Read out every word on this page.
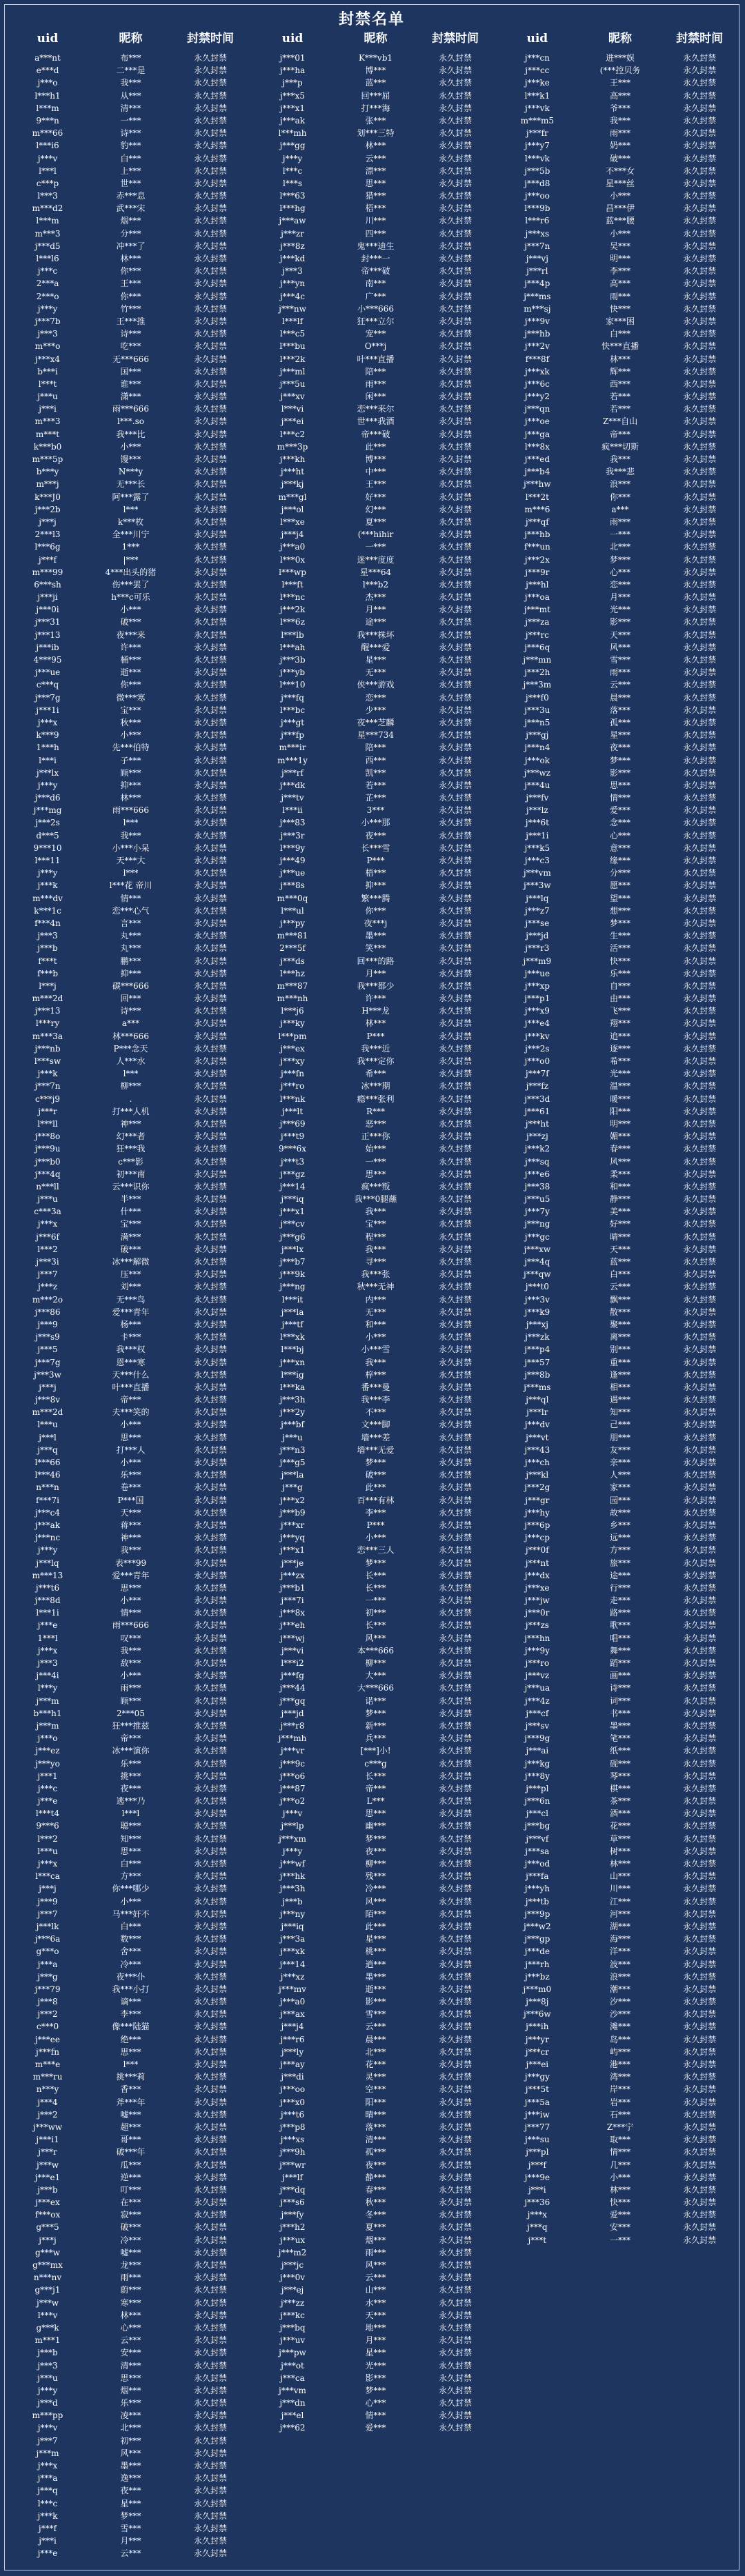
封禁名单
uid	昵称	封禁时间	uid	昵称	封禁时间	uid	昵称	封禁时间
a***nt	布***	永久封禁	j***01	K***vb1	永久封禁	j***cn	进***娱	永久封禁
e***d	二***是	永久封禁	j***ha	博***	永久封禁	j***cc	(***控贝务	永久封禁
j***o	我***	永久封禁	j***p	蓝***	永久封禁	j***ke	王***	永久封禁
l***h1	从***	永久封禁	j***x5	回***屈	永久封禁	l***k1	高***	永久封禁
l***m	清***	永久封禁	j***x1	打***海	永久封禁	j***vk	爷***	永久封禁
9***n	一***	永久封禁	j***ak	张***	永久封禁	m***m5	我***	永久封禁
m***66	诗***	永久封禁	l***mh	划***三特	永久封禁	j***fr	雨***	永久封禁
l***i6	豹***	永久封禁	j***gg	林***	永久封禁	j***y7	奶***	永久封禁
j***v	白***	永久封禁	j***y	云***	永久封禁	l***vk	破***	永久封禁
l***l	上***	永久封禁	l***c	漂***	永久封禁	j***5b	不***女	永久封禁
c***p	世***	永久封禁	l***s	思***	永久封禁	j***d8	星***丝	永久封禁
l***3	赤***息	永久封禁	l***63	猎***	永久封禁	j***oo	小***	永久封禁
m***d2	武***宋	永久封禁	l***hg	梧***	永久封禁	l***9b	昌***伊	永久封禁
l***m	烟***	永久封禁	j***aw	川***	永久封禁	l***r6	蓝***腰	永久封禁
m***3	分***	永久封禁	j***zr	四***	永久封禁	j***xs	小***	永久封禁
j***d5	冲***了	永久封禁	j***8z	鬼***迪生	永久封禁	j***7n	吴***	永久封禁
l***l6	林***	永久封禁	j***kd	封***一	永久封禁	j***vj	明***	永久封禁
j***c	你***	永久封禁	j***3	帝***破	永久封禁	j***rl	李***	永久封禁
2***a	王***	永久封禁	j***yn	南***	永久封禁	j***4p	高***	永久封禁
2***o	你***	永久封禁	j***4c	广***	永久封禁	j***ms	雨***	永久封禁
j***y	竹***	永久封禁	j***nw	小***666	永久封禁	m***sj	快***	永久封禁
j***7b	王***推	永久封禁	l***lf	狂***立尔	永久封禁	j***9v	家***困	永久封禁
j***3	诗***	永久封禁	l***c5	宠***	永久封禁	j***hb	白***	永久封禁
m***o	吃***	永久封禁	l***bu	O***j	永久封禁	j***2v	快***直播	永久封禁
j***x4	无***666	永久封禁	l***2k	叶***直播	永久封禁	f***8f	林***	永久封禁
b***i	国***	永久封禁	j***ml	陪***	永久封禁	j***xk	辉***	永久封禁
l***t	谁***	永久封禁	j***5u	雨***	永久封禁	j***6c	西***	永久封禁
j***u	潇***	永久封禁	j***xv	闲***	永久封禁	j***y2	若***	永久封禁
j***i	雨***666	永久封禁	l***vi	恋***来尔	永久封禁	j***qn	若***	永久封禁
m***3	l***.so	永久封禁	j***ei	世***我酒	永久封禁	j***oe	Z***自山	永久封禁
m***t	我***比	永久封禁	l***c2	帝***破	永久封禁	j***ga	帝***	永久封禁
k***b0	小***	永久封禁	m***3p	此***	永久封禁	l***8x	疯***切斯	永久封禁
m***5p	馒***	永久封禁	j***kh	博***	永久封禁	j***ed	我***	永久封禁
b***y	N***y	永久封禁	j***ht	中***	永久封禁	j***b4	我***悲	永久封禁
m***j	无***长	永久封禁	j***kj	王***	永久封禁	j***hw	浪***	永久封禁
k***J0	阿***露了	永久封禁	m***gl	好***	永久封禁	l***2t	你***	永久封禁
j***2b	l***	永久封禁	j***ol	幻***	永久封禁	m***6	a***	永久封禁
j***j	k***枚	永久封禁	l***xe	夏***	永久封禁	j***qf	雨***	永久封禁
2***l3	全***川宁	永久封禁	j***j4	(***hihir	永久封禁	j***hb	一***	永久封禁
l***6g	1***	永久封禁	j***a0	一***	永久封禁	f***un	北***	永久封禁
j***f	|***	永久封禁	l***0x	迷***度度	永久封禁	j***2x	梦***	永久封禁
m***99	4***出头的猪	永久封禁	l***wp	星***64	永久封禁	j***9r	心***	永久封禁
6***sh	伤***罢了	永久封禁	l***ft	l***b2	永久封禁	j***hl	恋***	永久封禁
j***ji	h***c可乐	永久封禁	l***nc	杰***	永久封禁	j***oa	月***	永久封禁
j***0i	小***	永久封禁	j***2k	月***	永久封禁	j***mt	光***	永久封禁
j***31	破***	永久封禁	l***6z	途***	永久封禁	j***za	影***	永久封禁
j***13	夜***来	永久封禁	l***lb	我***株坏	永久封禁	j***rc	天***	永久封禁
j***ib	许***	永久封禁	l***ah	醒***爱	永久封禁	j***6q	风***	永久封禁
4***95	桶***	永久封禁	j***3b	星***	永久封禁	j***mn	雪***	永久封禁
j***ue	逝***	永久封禁	j***yb	无***	永久封禁	j***2h	雨***	永久封禁
c***q	你***	永久封禁	l***10	侠***游戏	永久封禁	j***3m	云***	永久封禁
j***7g	微***寒	永久封禁	j***fq	恋***	永久封禁	j***f0	晨***	永久封禁
j***1i	宝***	永久封禁	l***bc	少***	永久封禁	j***3u	落***	永久封禁
j***x	秋***	永久封禁	j***gt	夜***芝麟	永久封禁	j***n5	孤***	永久封禁
k***9	小***	永久封禁	j***fp	星***734	永久封禁	j***gj	星***	永久封禁
1***h	先***伯特	永久封禁	m***ir	陪***	永久封禁	j***n4	夜***	永久封禁
l***i	子***	永久封禁	m***1y	西***	永久封禁	j***ok	梦***	永久封禁
j***lx	顾***	永久封禁	j***rf	凯***	永久封禁	j***wz	影***	永久封禁
j***y	抑***	永久封禁	j***dk	若***	永久封禁	j***4u	思***	永久封禁
j***d6	林***	永久封禁	j***tv	芷***	永久封禁	j***fv	情***	永久封禁
j***mg	雨***666	永久封禁	l***ii	3***	永久封禁	j***lz	爱***	永久封禁
j***2s	l***	永久封禁	j***83	小***那	永久封禁	j***6t	念***	永久封禁
d***5	我***	永久封禁	j***3r	夜***	永久封禁	j***1i	心***	永久封禁
9***10	小***小呆	永久封禁	l***9y	长***雪	永久封禁	j***k5	意***	永久封禁
l***11	天***大	永久封禁	j***49	P***	永久封禁	j***c3	缘***	永久封禁
j***y	l***	永久封禁	j***ue	梧***	永久封禁	j***vm	分***	永久封禁
j***k	l***花 帝川	永久封禁	j***8s	抑***	永久封禁	j***3w	愿***	永久封禁
m***dv	情***	永久封禁	m***0q	繁***腾	永久封禁	j***lq	望***	永久封禁
k***1c	恋***心气	永久封禁	l***ul	你***	永久封禁	j***z7	想***	永久封禁
f***4n	言***	永久封禁	j***py	夜***j	永久封禁	j***se	梦***	永久封禁
j***3	丸***	永久封禁	m***81	墨***	永久封禁	j***jd	生***	永久封禁
j***b	丸***	永久封禁	2***5f	笑***	永久封禁	j***r3	活***	永久封禁
f***t	鹏***	永久封禁	j***ds	回***的路	永久封禁	j***m9	快***	永久封禁
f***b	抑***	永久封禁	l***hz	月***	永久封禁	j***ue	乐***	永久封禁
l***j	碳***666	永久封禁	m***87	我***都少	永久封禁	j***xp	自***	永久封禁
m***2d	回***	永久封禁	m***nh	许***	永久封禁	j***p1	由***	永久封禁
j***13	诗***	永久封禁	l***j6	H***龙	永久封禁	j***x9	飞***	永久封禁
l***ry	a***	永久封禁	j***ky	林***	永久封禁	j***e4	翔***	永久封禁
m***3a	林***666	永久封禁	l***pm	P***	永久封禁	j***kv	追***	永久封禁
j***nb	P***念天	永久封禁	j***ex	我***近	永久封禁	j***2s	逐***	永久封禁
l***sw	人***水	永久封禁	j***xy	我***定你	永久封禁	j***o0	希***	永久封禁
j***k	l***	永久封禁	j***fn	希***	永久封禁	j***7f	光***	永久封禁
j***7n	柳***	永久封禁	j***ro	冰***期	永久封禁	j***fz	温***	永久封禁
c***j9	.	永久封禁	l***nk	瘾***张利	永久封禁	j***3d	暖***	永久封禁
j***r	打***人机	永久封禁	j***lt	R***	永久封禁	j***61	阳***	永久封禁
l***ll	神***	永久封禁	j***69	恶***	永久封禁	j***ht	明***	永久封禁
j***8o	幻***者	永久封禁	j***t9	正***你	永久封禁	j***zj	媚***	永久封禁
j***9u	狂***我	永久封禁	9***6x	始***	永久封禁	j***k2	春***	永久封禁
j***b0	c***影	永久封禁	j***t3	一***	永久封禁	j***sq	风***	永久封禁
j***4q	初***南	永久封禁	j***gz	思***	永久封禁	j***e6	柔***	永久封禁
n***ll	云***识你	永久封禁	j***14	疯***叛	永久封禁	j***38	和***	永久封禁
j***u	半***	永久封禁	j***iq	我***0腿蘸	永久封禁	j***u5	静***	永久封禁
c***3a	什***	永久封禁	j***x1	我***	永久封禁	j***7y	美***	永久封禁
j***x	宝***	永久封禁	j***cv	宝***	永久封禁	j***ng	好***	永久封禁
j***6f	满***	永久封禁	j***g6	程***	永久封禁	j***gc	晴***	永久封禁
l***2	破***	永久封禁	j***lx	我***	永久封禁	j***xw	天***	永久封禁
j***3i	冰***解微	永久封禁	j***b7	寻***	永久封禁	j***4q	蓝***	永久封禁
j***7	压***	永久封禁	j***9k	我***张	永久封禁	j***qw	白***	永久封禁
j***z	刘***	永久封禁	j***ng	秋***无神	永久封禁	j***t0	云***	永久封禁
m***2o	无***鸟	永久封禁	l***it	内***	永久封禁	j***3v	飘***	永久封禁
j***86	爱***青年	永久封禁	j***la	无***	永久封禁	j***k9	散***	永久封禁
j***9	杨***	永久封禁	j***tf	和***	永久封禁	j***xj	聚***	永久封禁
j***s9	卡***	永久封禁	l***xk	小***	永久封禁	j***zk	离***	永久封禁
j***5	我***权	永久封禁	l***bj	小***雪	永久封禁	j***p4	别***	永久封禁
j***7g	恩***寒	永久封禁	j***xn	我***	永久封禁	j***57	重***	永久封禁
j***3w	天***什么	永久封禁	l***ig	梓***	永久封禁	j***8b	逢***	永久封禁
j***j	叶***直播	永久封禁	l***ka	番***曼	永久封禁	j***ms	相***	永久封禁
j***8v	帝***	永久封禁	j***3h	我***李	永久封禁	j***ql	遇***	永久封禁
m***2d	夫***笑的	永久封禁	j***2y	不***	永久封禁	j***lr	知***	永久封禁
l***u	小***	永久封禁	j***bf	文***脚	永久封禁	j***dv	己***	永久封禁
j***l	思***	永久封禁	j***u	墙***差	永久封禁	j***vt	朋***	永久封禁
j***q	打***人	永久封禁	j***n3	墙***无爱	永久封禁	j***43	友***	永久封禁
l***66	小***	永久封禁	j***g5	梦***	永久封禁	j***ch	亲***	永久封禁
l***46	乐***	永久封禁	j***la	破***	永久封禁	j***kl	人***	永久封禁
n***n	卷***	永久封禁	j***g	此***	永久封禁	j***2g	家***	永久封禁
f***7i	P***国	永久封禁	j***x2	百***有林	永久封禁	j***gr	园***	永久封禁
j***c4	天***	永久封禁	j***b9	李***	永久封禁	j***hy	故***	永久封禁
j***ak	蒋***	永久封禁	j***xr	P***	永久封禁	j***6p	乡***	永久封禁
j***nc	神***	永久封禁	j***yq	小***	永久封禁	j***cp	远***	永久封禁
j***y	我***	永久封禁	j***x1	恋***三人	永久封禁	j***0f	方***	永久封禁
j***lq	表***99	永久封禁	j***je	梦***	永久封禁	j***nt	旅***	永久封禁
m***13	爱***青年	永久封禁	j***zx	长***	永久封禁	j***dx	途***	永久封禁
j***t6	思***	永久封禁	j***b1	长***	永久封禁	j***xe	行***	永久封禁
j***8d	小***	永久封禁	j***7i	一***	永久封禁	j***jw	走***	永久封禁
l***1i	情***	永久封禁	j***8x	初***	永久封禁	j***0r	路***	永久封禁
j***e	雨***666	永久封禁	j***eh	长***	永久封禁	j***zs	歌***	永久封禁
1***l	叹***	永久封禁	j***wj	风***	永久封禁	j***hn	唱***	永久封禁
j***x	我***	永久封禁	j***vi	本***666	永久封禁	j***9y	舞***	永久封禁
j***3	敌***	永久封禁	l***i2	柳***	永久封禁	j***ro	蹈***	永久封禁
j***4i	小***	永久封禁	j***fg	大***	永久封禁	j***vz	画***	永久封禁
l***y	雨***	永久封禁	j***44	大***666	永久封禁	j***ua	诗***	永久封禁
j***m	顾***	永久封禁	j***gq	诺***	永久封禁	j***4z	词***	永久封禁
b***h1	2***05	永久封禁	j***jd	梦***	永久封禁	j***cf	书***	永久封禁
j***m	狂***推兹	永久封禁	j***r8	新***	永久封禁	j***sv	墨***	永久封禁
j***o	帝***	永久封禁	j***mh	兵***	永久封禁	j***9g	笔***	永久封禁
j***ez	冰***演你	永久封禁	j***vr	[***]小!	永久封禁	j***ai	纸***	永久封禁
j***yo	乐***	永久封禁	j***9c	c***g	永久封禁	j***kg	砚***	永久封禁
j***1	挑***	永久封禁	j***o6	长***	永久封禁	j***8y	琴***	永久封禁
j***c	夜***	永久封禁	j***87	帝***	永久封禁	j***pl	棋***	永久封禁
j***e	逃***乃	永久封禁	j***o2	L***	永久封禁	j***6n	茶***	永久封禁
l***t4	l***l	永久封禁	j***v	思***	永久封禁	j***cl	酒***	永久封禁
9***6	聪***	永久封禁	j***lp	幽***	永久封禁	j***bg	花***	永久封禁
l***2	知***	永久封禁	j***xm	梦***	永久封禁	j***vf	草***	永久封禁
l***u	思***	永久封禁	j***y	夜***	永久封禁	j***sa	树***	永久封禁
j***x	白***	永久封禁	j***wf	柳***	永久封禁	j***od	林***	永久封禁
l***ca	方***	永久封禁	j***hk	残***	永久封禁	j***fa	山***	永久封禁
j***j	你***哪少	永久封禁	j***3h	冷***	永久封禁	j***yh	川***	永久封禁
j***9	小***	永久封禁	j***b	风***	永久封禁	j***tb	江***	永久封禁
j***7	马***奸不	永久封禁	j***ny	陌***	永久封禁	j***9p	河***	永久封禁
j***lk	白***	永久封禁	j***iq	此***	永久封禁	j***w2	湖***	永久封禁
j***6a	数***	永久封禁	j***3a	星***	永久封禁	j***gp	海***	永久封禁
g***o	舍***	永久封禁	j***xk	桃***	永久封禁	j***de	洋***	永久封禁
j***a	冷***	永久封禁	j***14	逍***	永久封禁	j***rh	波***	永久封禁
j***g	夜***仆	永久封禁	j***xz	墨***	永久封禁	j***bz	浪***	永久封禁
j***79	我***小打	永久封禁	j***mv	逝***	永久封禁	j***m0	潮***	永久封禁
j***8	谪***	永久封禁	j***a0	影***	永久封禁	j***8j	汐***	永久封禁
j***2	李***	永久封禁	j***ax	雪***	永久封禁	j***6w	沙***	永久封禁
c***0	像***陆猫	永久封禁	j***j4	云***	永久封禁	j***ih	滩***	永久封禁
j***ee	绝***	永久封禁	j***r6	晨***	永久封禁	j***yr	岛***	永久封禁
j***fn	思***	永久封禁	j***ly	北***	永久封禁	j***cr	屿***	永久封禁
m***e	l***	永久封禁	j***ay	花***	永久封禁	j***ei	港***	永久封禁
m***ru	挑***莉	永久封禁	j***di	灵***	永久封禁	j***gy	湾***	永久封禁
n***y	香***	永久封禁	j***oo	空***	永久封禁	j***5t	岸***	永久封禁
j***4	斧***年	永久封禁	j***x0	阳***	永久封禁	j***5a	岩***	永久封禁
j***2	嘘***	永久封禁	j***t6	晴***	永久封禁	j***iw	石***	永久封禁
j***ww	超***	永久封禁	j***p8	落***	永久封禁	j***77	Z***宁	永久封禁
j***i1	哥***	永久封禁	j***xs	清***	永久封禁	j***su	取***	永久封禁
j***r	破***年	永久封禁	j***9h	孤***	永久封禁	j***pl	情***	永久封禁
j***w	瓜***	永久封禁	j***wr	夜***	永久封禁	j***f	几***	永久封禁
j***e1	逆***	永久封禁	j***lf	静***	永久封禁	j***9e	小***	永久封禁
j***b	叮***	永久封禁	j***dq	春***	永久封禁	j***i	林***	永久封禁
j***ex	在***	永久封禁	j***s6	秋***	永久封禁	j***36	快***	永久封禁
f***ox	寂***	永久封禁	j***fy	冬***	永久封禁	j***x	爱***	永久封禁
g***5	破***	永久封禁	j***h2	夏***	永久封禁	j***q	安***	永久封禁
j***j	冷***	永久封禁	j***ux	烟***	永久封禁	j***t	一***	永久封禁
g***w	嘘***	永久封禁	j***m2	雨***	永久封禁
g***mx	龙***	永久封禁	j***jc	风***	永久封禁
n***nv	雨***	永久封禁	j***0v	云***	永久封禁
g***j1	蔚***	永久封禁	j***ej	山***	永久封禁
j***w	寒***	永久封禁	j***zz	水***	永久封禁
l***v	林***	永久封禁	j***kc	天***	永久封禁
g***k	心***	永久封禁	j***bq	地***	永久封禁
m***1	云***	永久封禁	j***uv	月***	永久封禁
j***b	安***	永久封禁	j***pw	星***	永久封禁
j***3	清***	永久封禁	j***ot	光***	永久封禁
j***u	思***	永久封禁	j***ca	影***	永久封禁
j***y	烟***	永久封禁	j***vm	梦***	永久封禁
j***d	乐***	永久封禁	j***dn	心***	永久封禁
m***pp	凌***	永久封禁	j***el	情***	永久封禁
j***v	北***	永久封禁	j***62	爱***	永久封禁
j***7	初***	永久封禁
j***m	风***	永久封禁
j***x	墨***	永久封禁
j***a	逸***	永久封禁
j***q	夜***	永久封禁
l***c	星***	永久封禁
j***k	梦***	永久封禁
j***f	雪***	永久封禁
j***i	月***	永久封禁
j***e	云***	永久封禁
